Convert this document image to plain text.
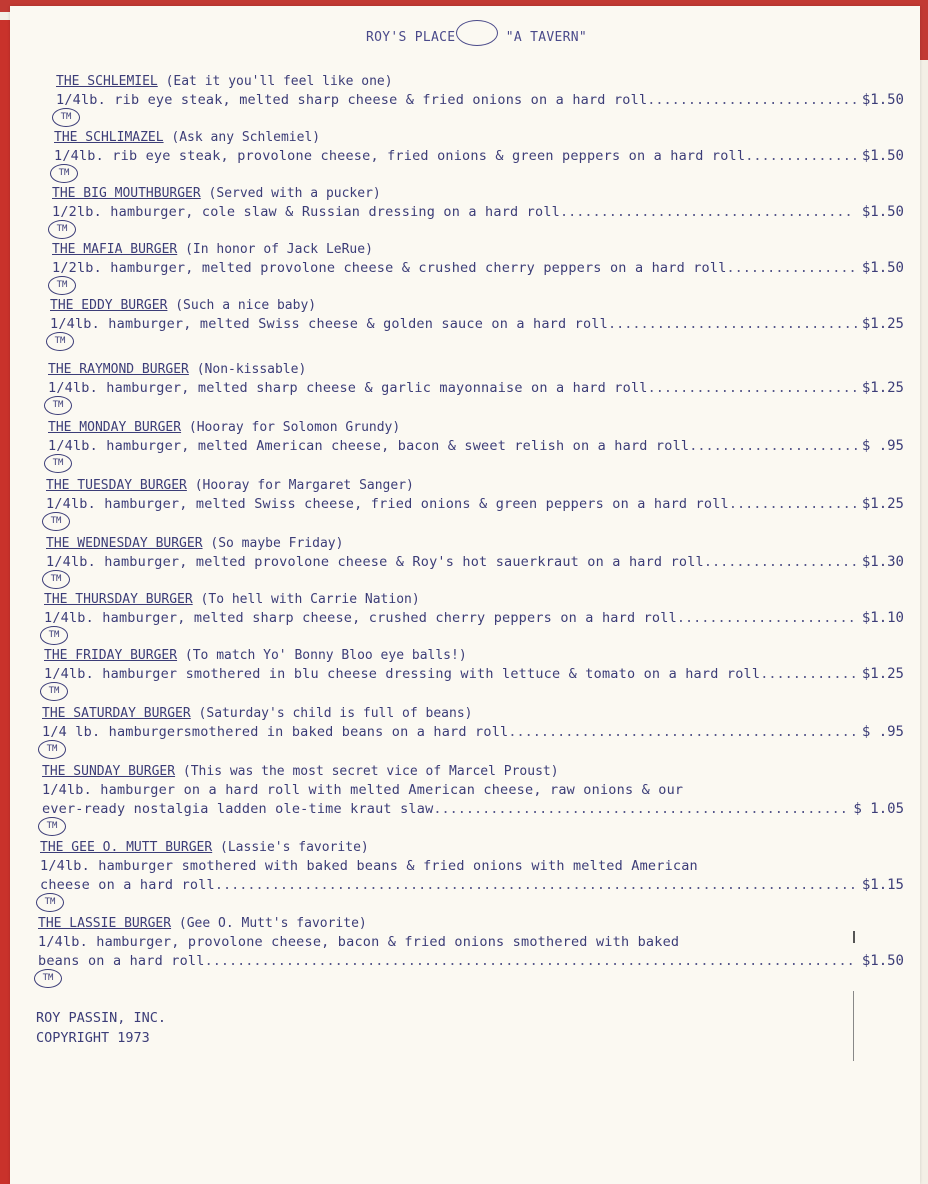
ROY'S PLACE	"A TAVERN"
THE SCHLEMIEL (Eat it you'll feel like one)
1/4lb. rib eye steak, melted sharp cheese & fried onions on a hard roll.......................... $1.50
TM
THE SCHLIMAZEL (Ask any Schlemiel)
1/4lb. rib eye steak, provolone cheese, fried onions & green peppers on a hard roll.............. $1.50
TM
THE BIG MOUTHBURGER (Served with a pucker)
1/2lb. hamburger, cole slaw & Russian dressing on a hard roll.................................... $1.50
TM
THE MAFIA BURGER (In honor of Jack LeRue)
1/2lb. hamburger, melted provolone cheese & crushed cherry peppers on a hard roll................ $1.50
TM
THE EDDY BURGER (Such a nice baby)
1/4lb. hamburger, melted Swiss cheese & golden sauce on a hard roll............................... $1.25
TM
THE RAYMOND BURGER (Non-kissable)
1/4lb. hamburger, melted sharp cheese & garlic mayonnaise on a hard roll.......................... $1.25
TM
THE MONDAY BURGER (Hooray for Solomon Grundy)
1/4lb. hamburger, melted American cheese, bacon & sweet relish on a hard roll..................... $ .95
TM
THE TUESDAY BURGER (Hooray for Margaret Sanger)
1/4lb. hamburger, melted Swiss cheese, fried onions & green peppers on a hard roll................ $1.25
TM
THE WEDNESDAY BURGER (So maybe Friday)
1/4lb. hamburger, melted provolone cheese & Roy's hot sauerkraut on a hard roll................... $1.30
TM
THE THURSDAY BURGER (To hell with Carrie Nation)
1/4lb. hamburger, melted sharp cheese, crushed cherry peppers on a hard roll...................... $1.10
TM
THE FRIDAY BURGER (To match Yo' Bonny Bloo eye balls!)
1/4lb. hamburger smothered in blu cheese dressing with lettuce & tomato on a hard roll............ $1.25
TM
THE SATURDAY BURGER (Saturday's child is full of beans)
1/4 lb. hamburgersmothered in baked beans on a hard roll........................................... $ .95
TM
THE SUNDAY BURGER (This was the most secret vice of Marcel Proust)
1/4lb. hamburger on a hard roll with melted American cheese, raw onions & our
ever-ready nostalgia ladden ole-time kraut slaw................................................... $ 1.05
TM
THE GEE O. MUTT BURGER (Lassie's favorite)
1/4lb. hamburger smothered with baked beans & fried onions with melted American
cheese on a hard roll............................................................................... $1.15
TM
THE LASSIE BURGER (Gee O. Mutt's favorite)
1/4lb. hamburger, provolone cheese, bacon & fried onions smothered with baked
beans on a hard roll................................................................................ $1.50
TM
ROY PASSIN, INC.
COPYRIGHT 1973
